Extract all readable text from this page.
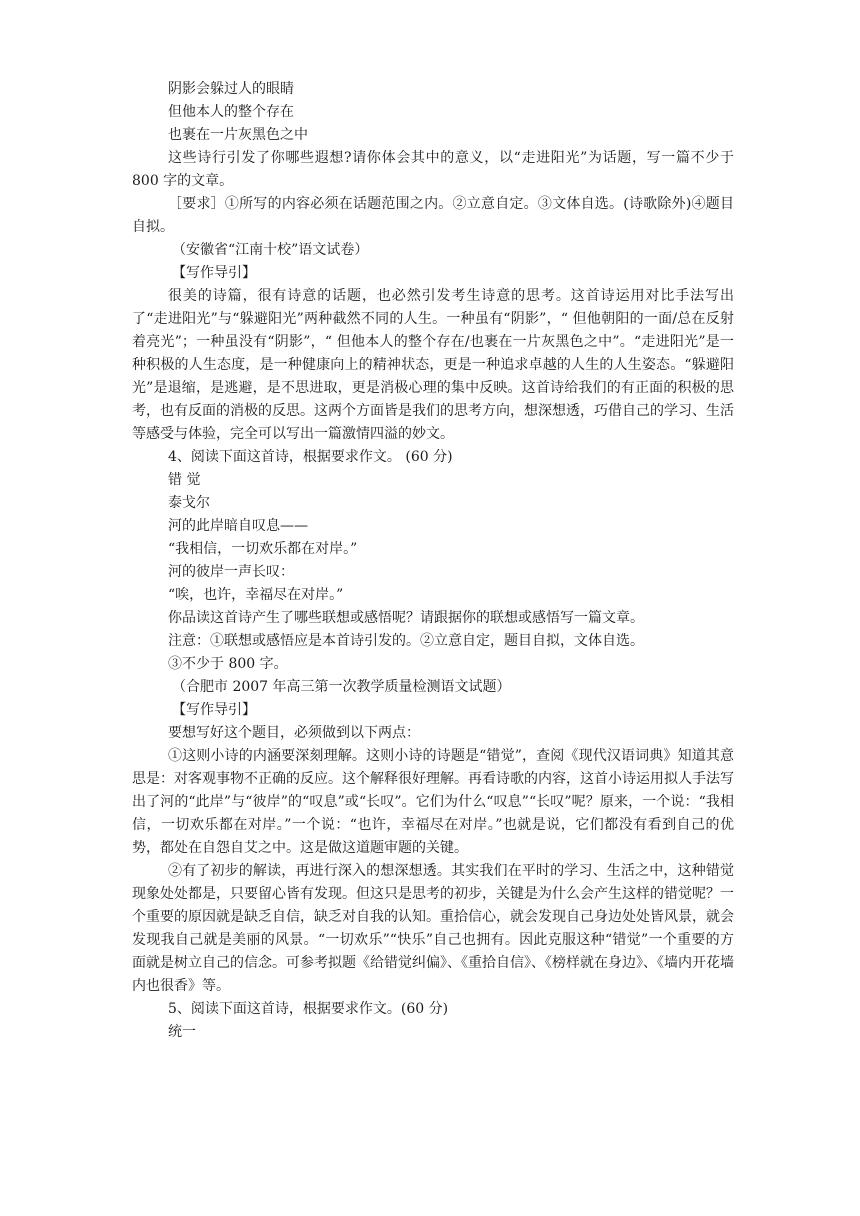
阴影会躲过人的眼睛

但他本人的整个存在

也裹在一片灰黑色之中

这些诗行引发了你哪些遐想?请你体会其中的意义，以“走进阳光”为话题，写一篇不少于 800 字的文章。

［要求］①所写的内容必须在话题范围之内。②立意自定。③文体自选。(诗歌除外)④题目自拟。

（安徽省“江南十校”语文试卷）

【写作导引】

很美的诗篇，很有诗意的话题，也必然引发考生诗意的思考。这首诗运用对比手法写出了“走进阳光”与“躲避阳光”两种截然不同的人生。一种虽有“阴影”，“ 但他朝阳的一面/总在反射着亮光”；一种虽没有“阴影”，“ 但他本人的整个存在/也裹在一片灰黑色之中”。“走进阳光”是一种积极的人生态度，是一种健康向上的精神状态，更是一种追求卓越的人生的人生姿态。“躲避阳光”是退缩，是逃避，是不思进取，更是消极心理的集中反映。这首诗给我们的有正面的积极的思考，也有反面的消极的反思。这两个方面皆是我们的思考方向，想深想透，巧借自己的学习、生活等感受与体验，完全可以写出一篇激情四溢的妙文。

4、阅读下面这首诗，根据要求作文。 (60 分)

错 觉

泰戈尔

河的此岸暗自叹息——

“我相信，一切欢乐都在对岸。”

河的彼岸一声长叹：

“唉，也许，幸福尽在对岸。”

你品读这首诗产生了哪些联想或感悟呢？请跟据你的联想或感悟写一篇文章。

注意：①联想或感悟应是本首诗引发的。②立意自定，题目自拟，文体自选。

③不少于 800 字。

（合肥市 2007 年高三第一次教学质量检测语文试题）

【写作导引】

要想写好这个题目，必须做到以下两点：

①这则小诗的内涵要深刻理解。这则小诗的诗题是“错觉”，查阅《现代汉语词典》知道其意思是：对客观事物不正确的反应。这个解释很好理解。再看诗歌的内容，这首小诗运用拟人手法写出了河的“此岸”与“彼岸”的“叹息”或“长叹”。它们为什么“叹息”“长叹”呢？原来，一个说：“我相信，一切欢乐都在对岸。”一个说：“也许，幸福尽在对岸。”也就是说，它们都没有看到自己的优势，都处在自怨自艾之中。这是做这道题审题的关键。

②有了初步的解读，再进行深入的想深想透。其实我们在平时的学习、生活之中，这种错觉现象处处都是，只要留心皆有发现。但这只是思考的初步，关键是为什么会产生这样的错觉呢？一个重要的原因就是缺乏自信，缺乏对自我的认知。重拾信心，就会发现自己身边处处皆风景，就会发现我自己就是美丽的风景。“一切欢乐”“快乐”自己也拥有。因此克服这种“错觉”一个重要的方面就是树立自己的信念。可参考拟题《给错觉纠偏》、《重拾自信》、《榜样就在身边》、《墙内开花墙内也很香》等。

5、阅读下面这首诗，根据要求作文。(60 分)

统一
